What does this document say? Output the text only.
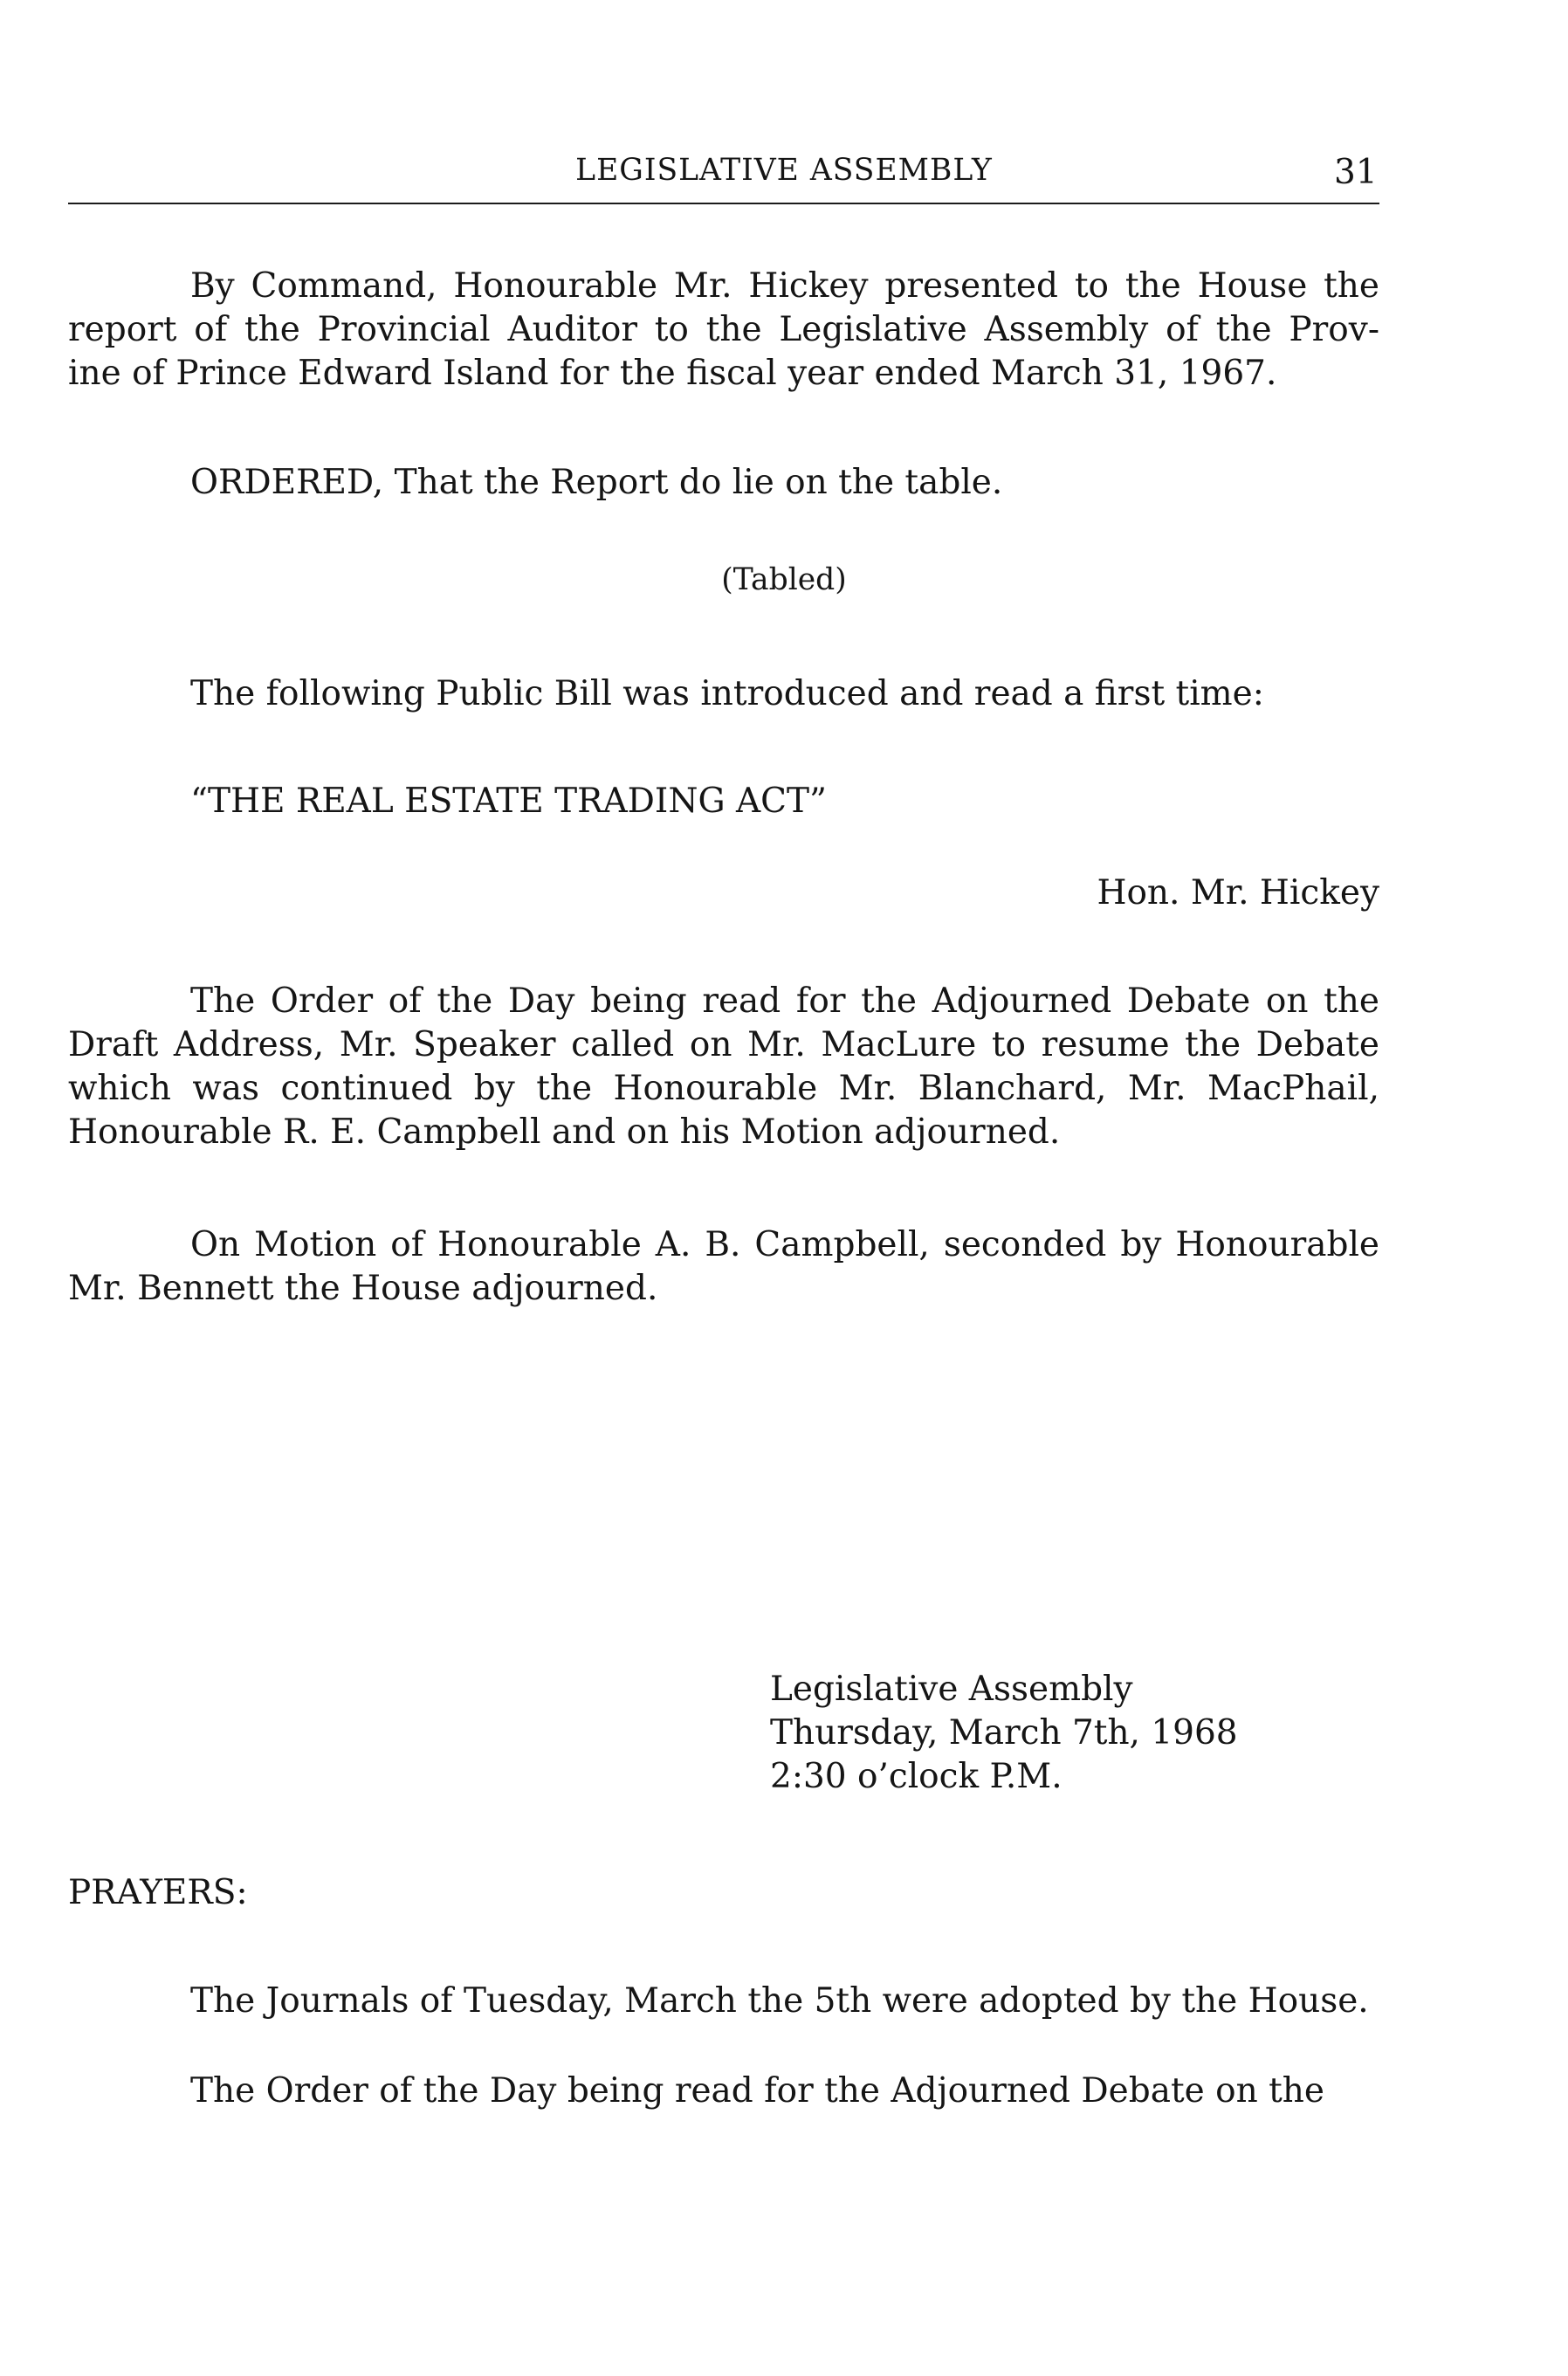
LEGISLATIVE ASSEMBLY	31
By Command, Honourable Mr. Hickey presented to the House the
report of the Provincial Auditor to the Legislative Assembly of the Prov-
ine of Prince Edward Island for the fiscal year ended March 31, 1967.
ORDERED, That the Report do lie on the table.
(Tabled)
The following Public Bill was introduced and read a first time:
“THE REAL ESTATE TRADING ACT”
Hon. Mr. Hickey
The Order of the Day being read for the Adjourned Debate on the
Draft Address, Mr. Speaker called on Mr. MacLure to resume the Debate
which was continued by the Honourable Mr. Blanchard, Mr. MacPhail,
Honourable R. E. Campbell and on his Motion adjourned.
On Motion of Honourable A. B. Campbell, seconded by Honourable
Mr. Bennett the House adjourned.
Legislative Assembly
Thursday, March 7th, 1968
2:30 o’clock P.M.
PRAYERS:
The Journals of Tuesday, March the 5th were adopted by the House.
The Order of the Day being read for the Adjourned Debate on the
